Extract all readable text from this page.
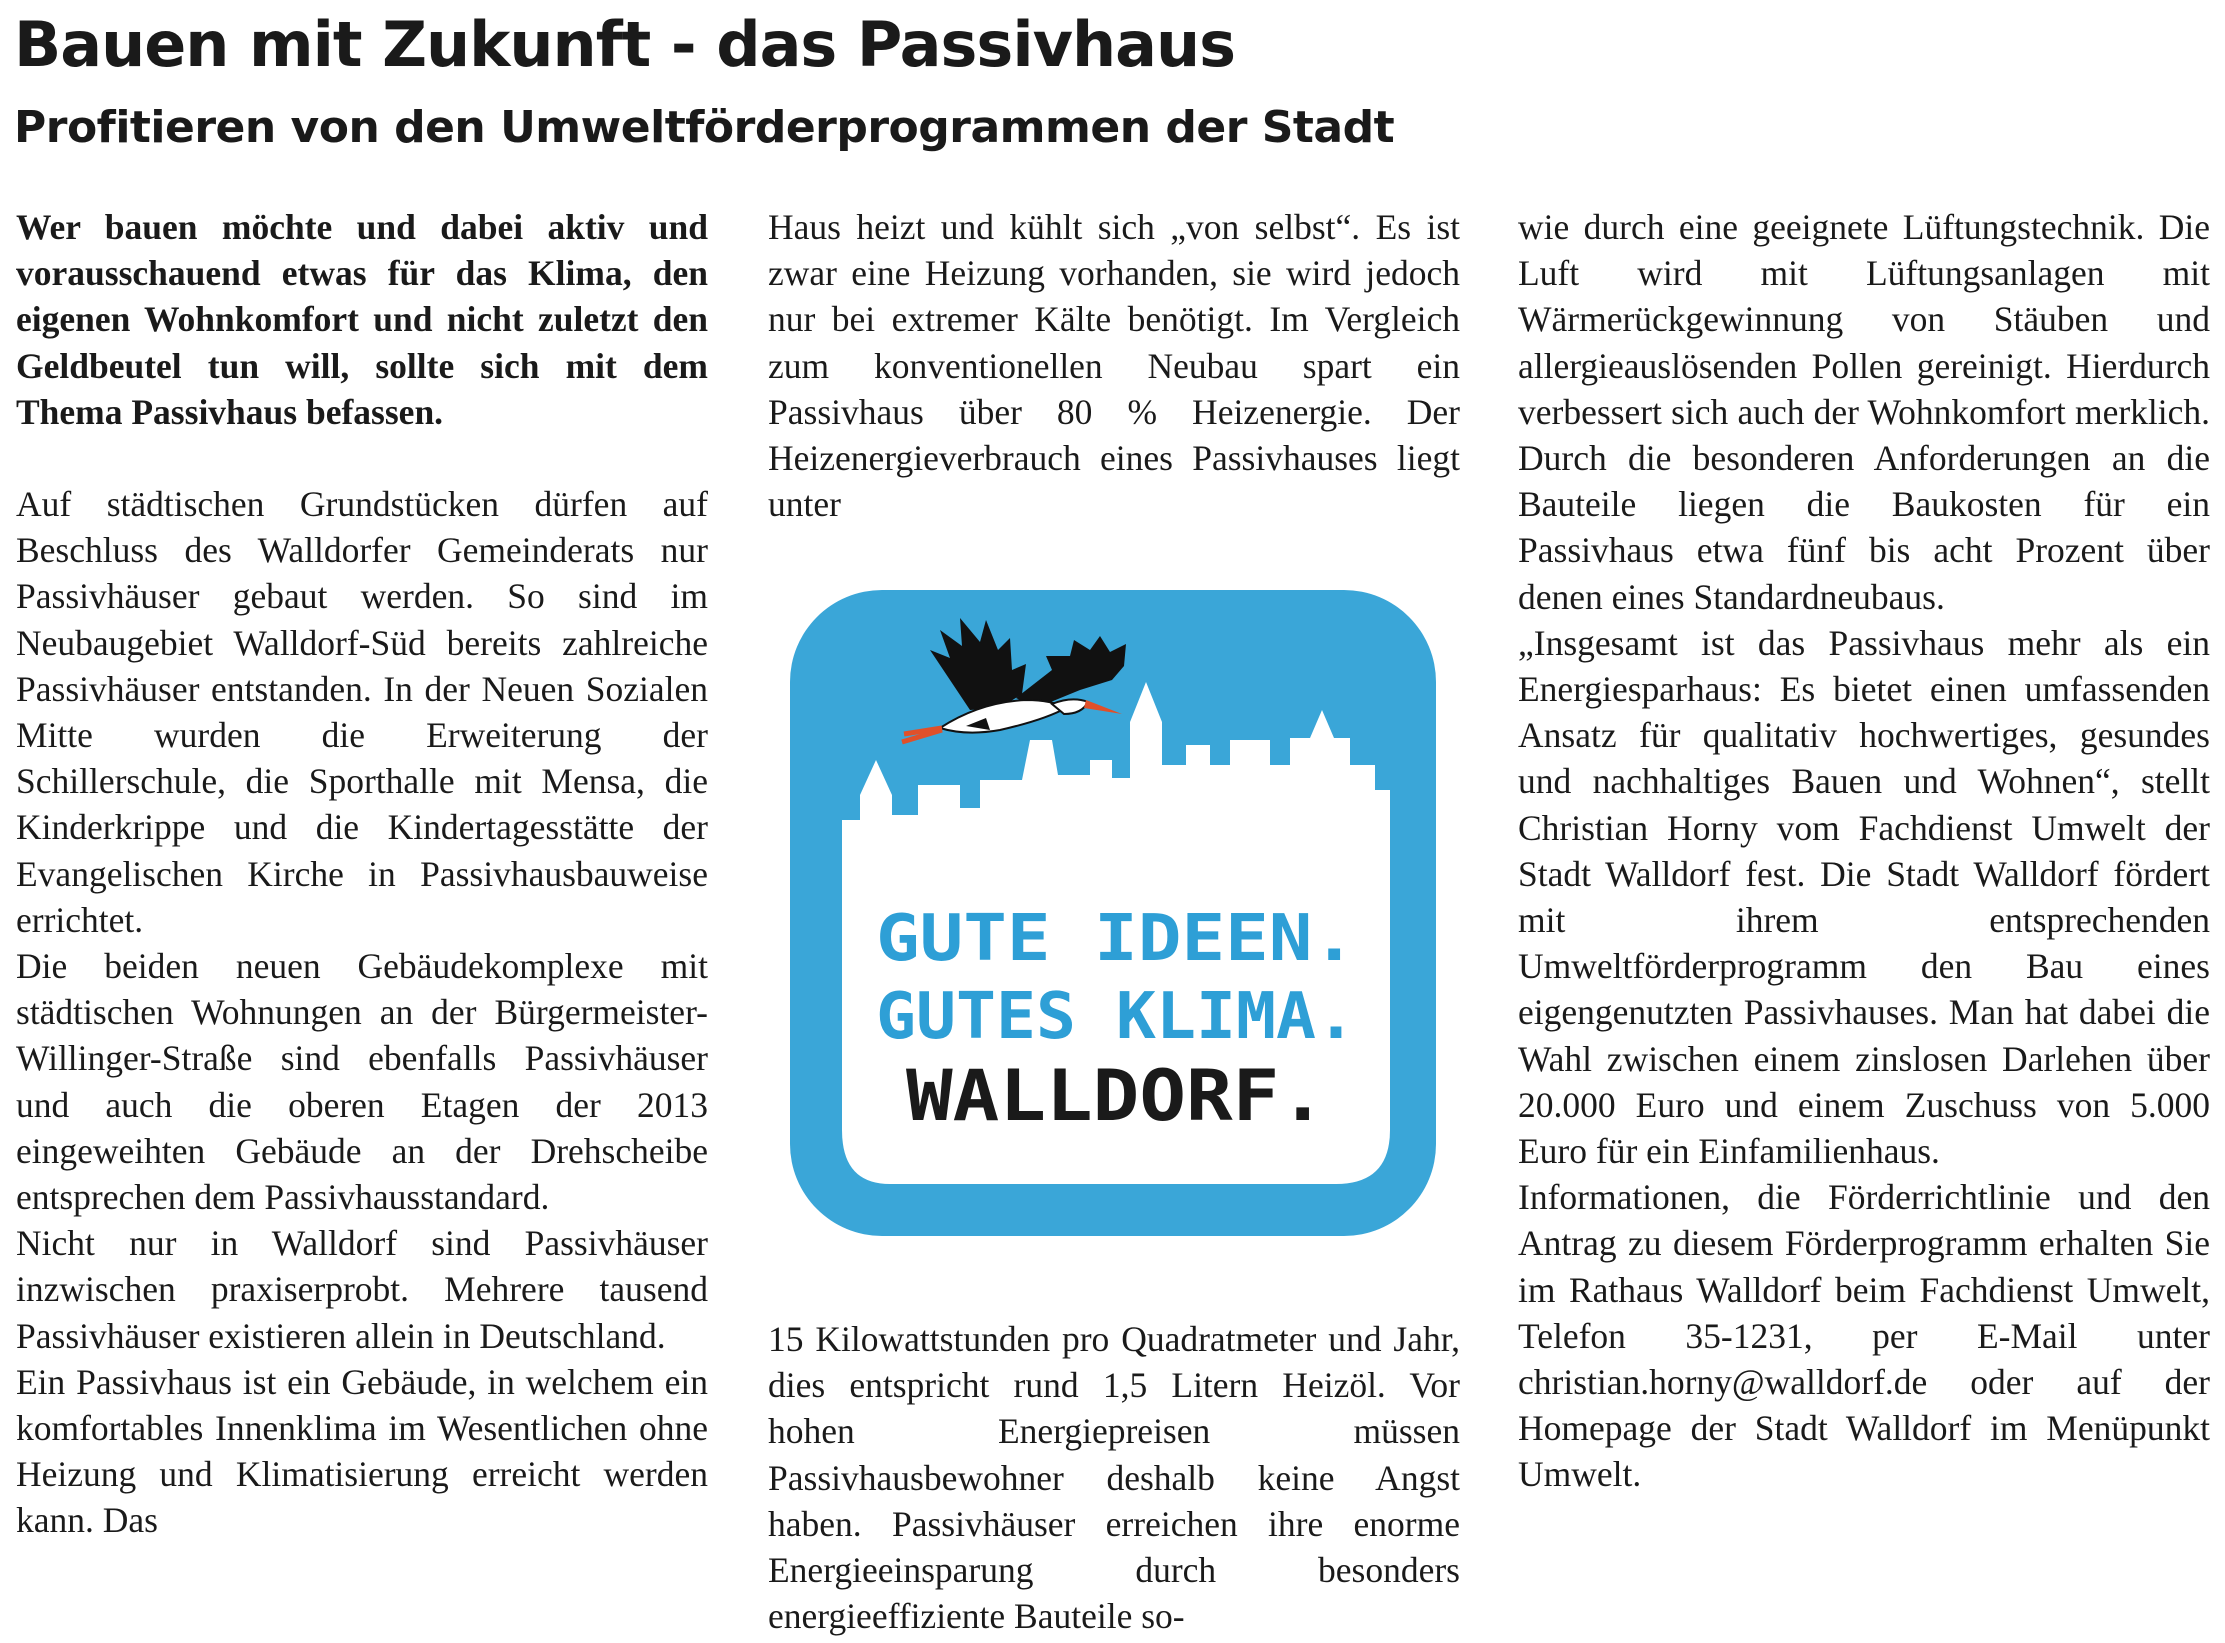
Bauen mit Zukunft - das Passivhaus
Profitieren von den Umweltförderprogrammen der Stadt

Wer bauen möchte und dabei aktiv und vorausschauend etwas für das Klima, den eigenen Wohnkomfort und nicht zuletzt den Geldbeutel tun will, sollte sich mit dem Thema Passivhaus befassen.

Auf städtischen Grundstücken dürfen auf Beschluss des Walldorfer Gemeinderats nur Passivhäuser gebaut werden. So sind im Neubaugebiet Walldorf-Süd bereits zahlreiche Passivhäuser entstanden. In der Neuen Sozialen Mitte wurden die Erweiterung der Schillerschule, die Sporthalle mit Mensa, die Kinderkrippe und die Kindertagesstätte der Evangelischen Kirche in Passivhausbauweise errichtet.

Die beiden neuen Gebäudekomplexe mit städtischen Wohnungen an der Bürgermeister-Willinger-Straße sind ebenfalls Passivhäuser und auch die oberen Etagen der 2013 eingeweihten Gebäude an der Drehscheibe entsprechen dem Passivhausstandard.

Nicht nur in Walldorf sind Passivhäuser inzwischen praxiserprobt. Mehrere tausend Passivhäuser existieren allein in Deutschland.

Ein Passivhaus ist ein Gebäude, in welchem ein komfortables Innenklima im Wesentlichen ohne Heizung und Klimatisierung erreicht werden kann. Das

Haus heizt und kühlt sich „von selbst“. Es ist zwar eine Heizung vorhanden, sie wird jedoch nur bei extremer Kälte benötigt. Im Vergleich zum konventionellen Neubau spart ein Passivhaus über 80 % Heizenergie. Der Heizenergieverbrauch eines Passivhauses liegt unter

GUTE IDEEN.
GUTES KLIMA.
WALLDORF.

15 Kilowattstunden pro Quadratmeter und Jahr, dies entspricht rund 1,5 Litern Heizöl. Vor hohen Energiepreisen müssen Passivhausbewohner deshalb keine Angst haben. Passivhäuser erreichen ihre enorme Energieeinsparung durch besonders energieeffiziente Bauteile so-

wie durch eine geeignete Lüftungstechnik. Die Luft wird mit Lüftungsanlagen mit Wärmerückgewinnung von Stäuben und allergieauslösenden Pollen gereinigt. Hierdurch verbessert sich auch der Wohnkomfort merklich. Durch die besonderen Anforderungen an die Bauteile liegen die Baukosten für ein Passivhaus etwa fünf bis acht Prozent über denen eines Standardneubaus.

„Insgesamt ist das Passivhaus mehr als ein Energiesparhaus: Es bietet einen umfassenden Ansatz für qualitativ hochwertiges, gesundes und nachhaltiges Bauen und Wohnen“, stellt Christian Horny vom Fachdienst Umwelt der Stadt Walldorf fest. Die Stadt Walldorf fördert mit ihrem entsprechenden Umweltförderprogramm den Bau eines eigengenutzten Passivhauses. Man hat dabei die Wahl zwischen einem zinslosen Darlehen über 20.000 Euro und einem Zuschuss von 5.000 Euro für ein Einfamilienhaus.

Informationen, die Förderrichtlinie und den Antrag zu diesem Förderprogramm erhalten Sie im Rathaus Walldorf beim Fachdienst Umwelt, Telefon 35-1231, per E-Mail unter christian.horny@walldorf.de oder auf der Homepage der Stadt Walldorf im Menüpunkt Umwelt.
